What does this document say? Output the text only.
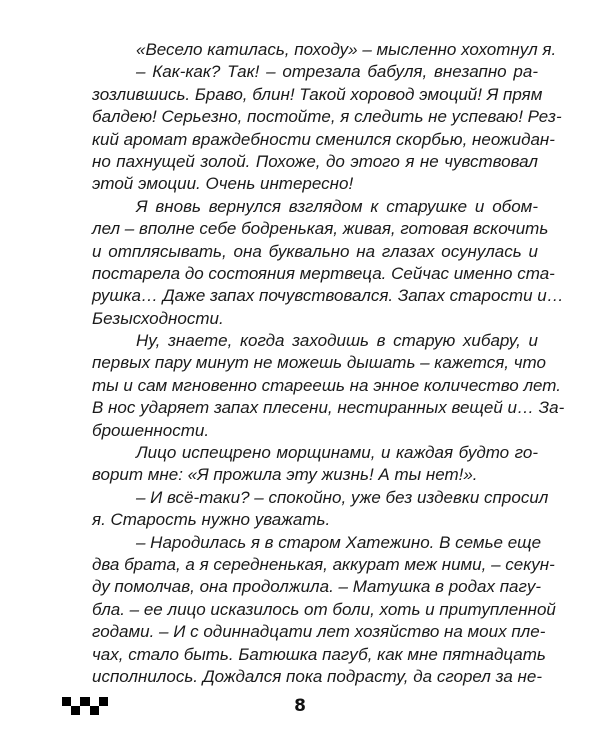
«Весело катилась, походу» – мысленно хохотнул я.
– Как-как? Так! – отрезала бабуля, внезапно ра-
зозлившись. Браво, блин! Такой хоровод эмоций! Я прям
балдею! Серьезно, постойте, я следить не успеваю! Рез-
кий аромат враждебности сменился скорбью, неожидан-
но пахнущей золой. Похоже, до этого я не чувствовал
этой эмоции. Очень интересно!
Я вновь вернулся взглядом к старушке и обом-
лел – вполне себе бодренькая, живая, готовая вскочить
и отплясывать, она буквально на глазах осунулась и
постарела до состояния мертвеца. Сейчас именно ста-
рушка… Даже запах почувствовался. Запах старости и…
Безысходности.
Ну, знаете, когда заходишь в старую хибару, и
первых пару минут не можешь дышать – кажется, что
ты и сам мгновенно стареешь на энное количество лет.
В нос ударяет запах плесени, нестиранных вещей и… За-
брошенности.
Лицо испещрено морщинами, и каждая будто го-
ворит мне: «Я прожила эту жизнь! А ты нет!».
– И всё-таки? – спокойно, уже без издевки спросил
я. Старость нужно уважать.
– Народилась я в старом Хатежино. В семье еще
два брата, а я середненькая, аккурат меж ними, – секун-
ду помолчав, она продолжила. – Матушка в родах пагу-
бла. – ее лицо исказилось от боли, хоть и притупленной
годами. – И с одиннадцати лет хозяйство на моих пле-
чах, стало быть. Батюшка пагуб, как мне пятнадцать
исполнилось. Дождался пока подрасту, да сгорел за не-
8
